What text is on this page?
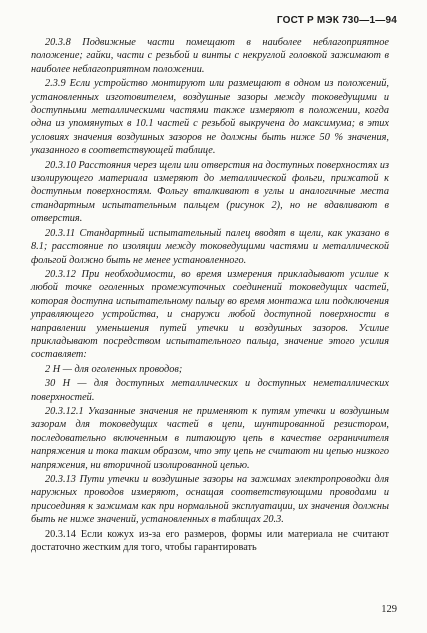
ГОСТ Р МЭК 730—1—94

20.3.8 Подвижные части помещают в наиболее неблагоприятное положение; гайки, части с резьбой и винты с некруглой головкой зажимают в наиболее неблагоприятном положении.

2.3.9 Если устройство монтируют или размещают в одном из положений, установленных изготовителем, воздушные зазоры между токоведущими и доступными металлическими частями также измеряют в положении, когда одна из упомянутых в 10.1 частей с резьбой выкручена до максимума; в этих условиях значения воздушных зазоров не должны быть ниже 50 % значения, указанного в соответствующей таблице.

20.3.10 Расстояния через щели или отверстия на доступных поверхностях из изолирующего материала измеряют до металлической фольги, прижатой к доступным поверхностям. Фольгу вталкивают в углы и аналогичные места стандартным испытательным пальцем (рисунок 2), но не вдавливают в отверстия.

20.3.11 Стандартный испытательный палец вводят в щели, как указано в 8.1; расстояние по изоляции между токоведущими частями и металлической фольгой должно быть не менее установленного.

20.3.12 При необходимости, во время измерения прикладывают усилие к любой точке оголенных промежуточных соединений токоведущих частей, которая доступна испытательному пальцу во время монтажа или подключения управляющего устройства, и снаружи любой доступной поверхности в направлении уменьшения путей утечки и воздушных зазоров. Усилие прикладывают посредством испытательного пальца, значение этого усилия составляет:

2 Н — для оголенных проводов;

30 Н — для доступных металлических и доступных неметаллических поверхностей.

20.3.12.1 Указанные значения не применяют к путям утечки и воздушным зазорам для токоведущих частей в цепи, шунтированной резистором, последовательно включенным в питающую цепь в качестве ограничителя напряжения и тока таким образом, что эту цепь не считают ни цепью низкого напряжения, ни вторичной изолированной цепью.

20.3.13 Пути утечки и воздушные зазоры на зажимах электропроводки для наружных проводов измеряют, оснащая соответствующими проводами и присоединяя к зажимам как при нормальной эксплуатации, их значения должны быть не ниже значений, установленных в таблицах 20.3.

20.3.14 Если кожух из-за его размеров, формы или материала не считают достаточно жестким для того, чтобы гарантировать

129
